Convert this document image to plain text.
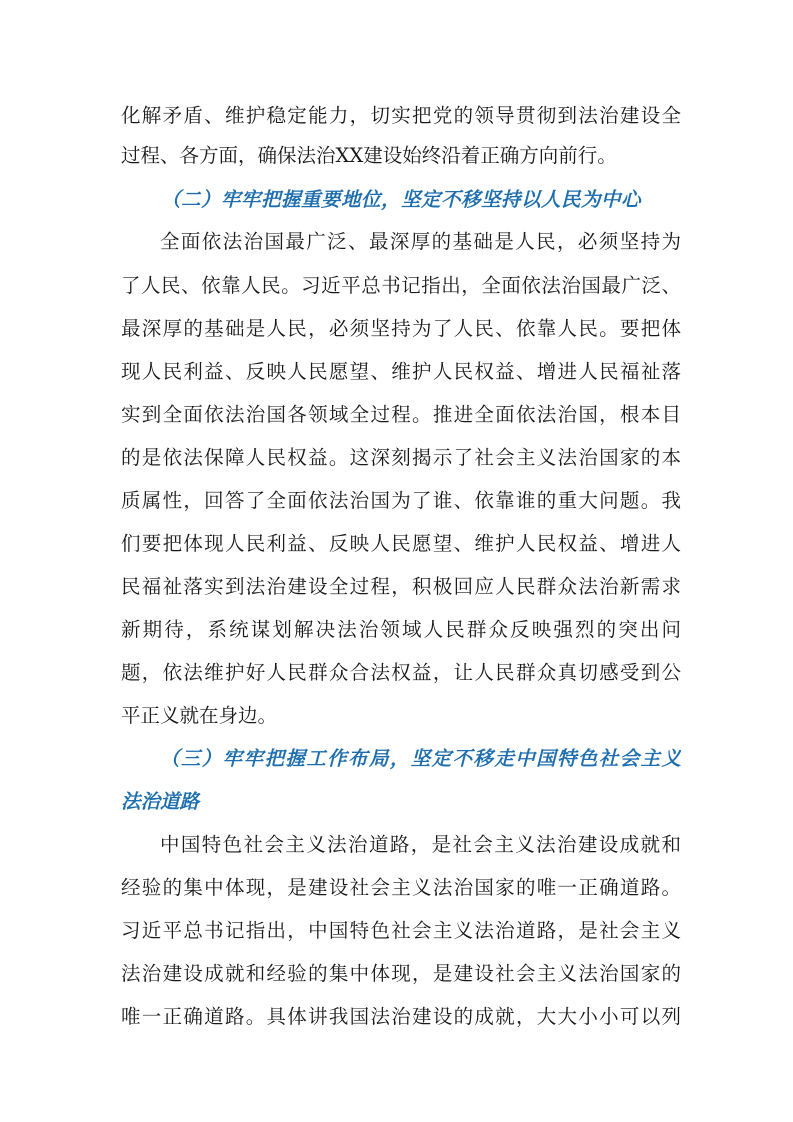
化解矛盾、维护稳定能力，切实把党的领导贯彻到法治建设全
过程、各方面，确保法治XX建设始终沿着正确方向前行。
（二）牢牢把握重要地位，坚定不移坚持以人民为中心
全面依法治国最广泛、最深厚的基础是人民，必须坚持为
了人民、依靠人民。习近平总书记指出，全面依法治国最广泛、
最深厚的基础是人民，必须坚持为了人民、依靠人民。要把体
现人民利益、反映人民愿望、维护人民权益、增进人民福祉落
实到全面依法治国各领域全过程。推进全面依法治国，根本目
的是依法保障人民权益。这深刻揭示了社会主义法治国家的本
质属性，回答了全面依法治国为了谁、依靠谁的重大问题。我
们要把体现人民利益、反映人民愿望、维护人民权益、增进人
民福祉落实到法治建设全过程，积极回应人民群众法治新需求
新期待，系统谋划解决法治领域人民群众反映强烈的突出问
题，依法维护好人民群众合法权益，让人民群众真切感受到公
平正义就在身边。
（三）牢牢把握工作布局，坚定不移走中国特色社会主义
法治道路
中国特色社会主义法治道路，是社会主义法治建设成就和
经验的集中体现，是建设社会主义法治国家的唯一正确道路。
习近平总书记指出，中国特色社会主义法治道路，是社会主义
法治建设成就和经验的集中体现，是建设社会主义法治国家的
唯一正确道路。具体讲我国法治建设的成就，大大小小可以列
